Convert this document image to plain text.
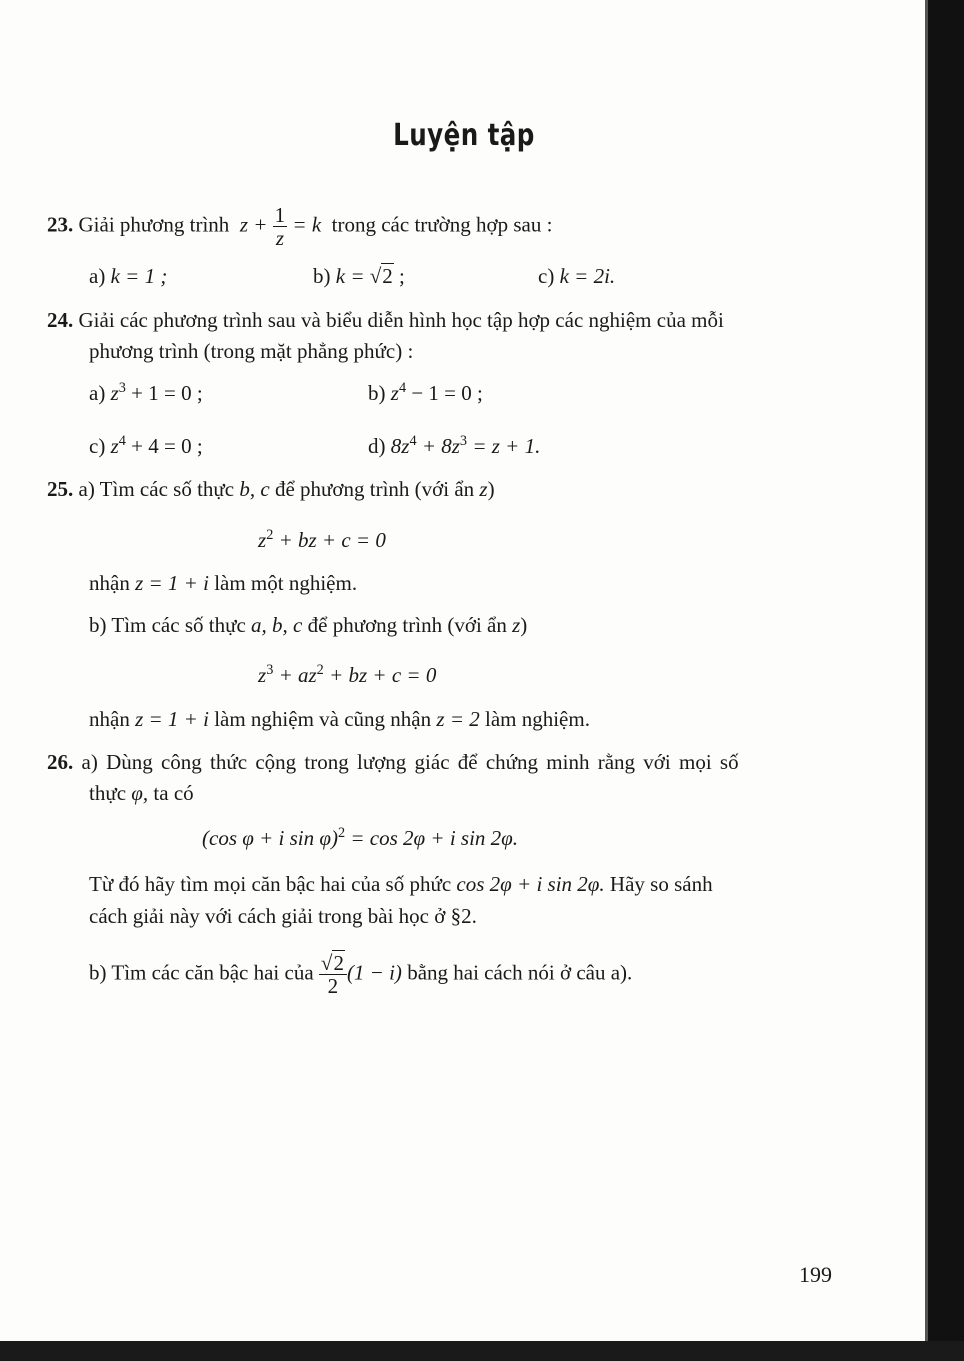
Luyện tập
23. Giải phương trình $z + \frac{1}{z} = k$ trong các trường hợp sau :
a) k = 1 ;	b) k = √2 ;	c) k = 2i.
24. Giải các phương trình sau và biểu diễn hình học tập hợp các nghiệm của mỗi
phương trình (trong mặt phẳng phức) :
a) $z^3 + 1 = 0$ ;	b) $z^4 - 1 = 0$ ;
c) $z^4 + 4 = 0$ ;	d) $8z^4 + 8z^3 = z + 1$.
25. a) Tìm các số thực b, c để phương trình (với ẩn z)
$z^2$ + bz + c = 0
nhận z = 1 + i làm một nghiệm.
b) Tìm các số thực a, b, c để phương trình (với ẩn z)
$z^3 + az^2$ + bz + c = 0
nhận z = 1 + i làm nghiệm và cũng nhận z = 2 làm nghiệm.
26. a) Dùng công thức cộng trong lượng giác để chứng minh rằng với mọi số
thực φ, ta có
(cos φ + i sin φ)$^2$ = cos 2φ + i sin 2φ.
Từ đó hãy tìm mọi căn bậc hai của số phức cos 2φ + i sin 2φ. Hãy so sánh
cách giải này với cách giải trong bài học ở §2.
b) Tìm các căn bậc hai của $\frac{√2}{2} (1 - i)$ bằng hai cách nói ở câu a).
199
